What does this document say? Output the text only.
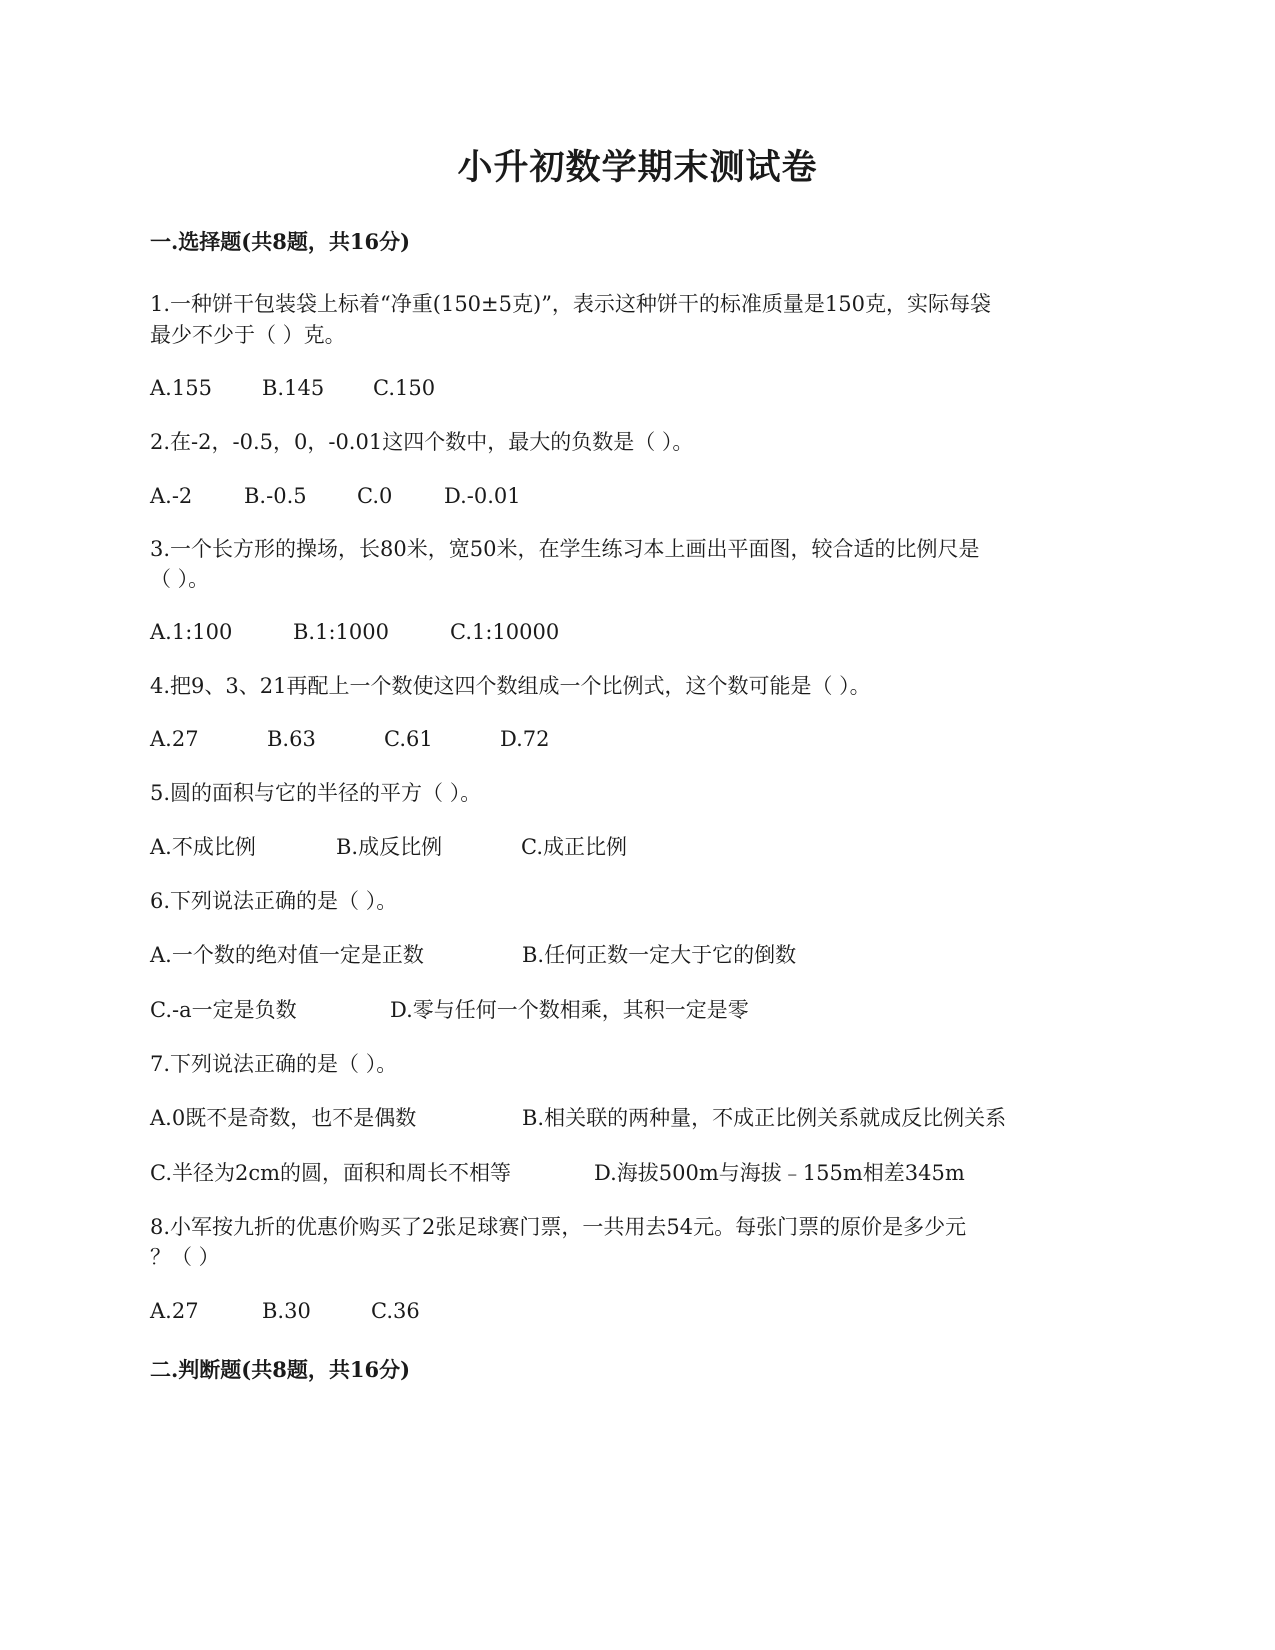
小升初数学期末测试卷
一.选择题(共8题，共16分)
1.一种饼干包装袋上标着“净重(150±5克)”，表示这种饼干的标准质量是150克，实际每袋
最少不少于（ ）克。
A.155 B.145 C.150
2.在-2，-0.5，0，-0.01这四个数中，最大的负数是（ ）。
A.-2 B.-0.5 C.0 D.-0.01
3.一个长方形的操场，长80米，宽50米，在学生练习本上画出平面图，较合适的比例尺是
（ ）。
A.1:100	B.1:1000	C.1:10000
4.把9、3、21再配上一个数使这四个数组成一个比例式，这个数可能是（ ）。
A.27	B.63	C.61	D.72
5.圆的面积与它的半径的平方（ ）。
A.不成比例	B.成反比例	C.成正比例
6.下列说法正确的是（ ）。
A.一个数的绝对值一定是正数	B.任何正数一定大于它的倒数
C.-a一定是负数	D.零与任何一个数相乘，其积一定是零
7.下列说法正确的是（ ）。
A.0既不是奇数，也不是偶数	B.相关联的两种量，不成正比例关系就成反比例关系
C.半径为2cm的圆，面积和周长不相等	D.海拔500m与海拔﹣155m相差345m
8.小军按九折的优惠价购买了2张足球赛门票，一共用去54元。每张门票的原价是多少元
？（ ）
A.27	B.30	C.36
二.判断题(共8题，共16分)
